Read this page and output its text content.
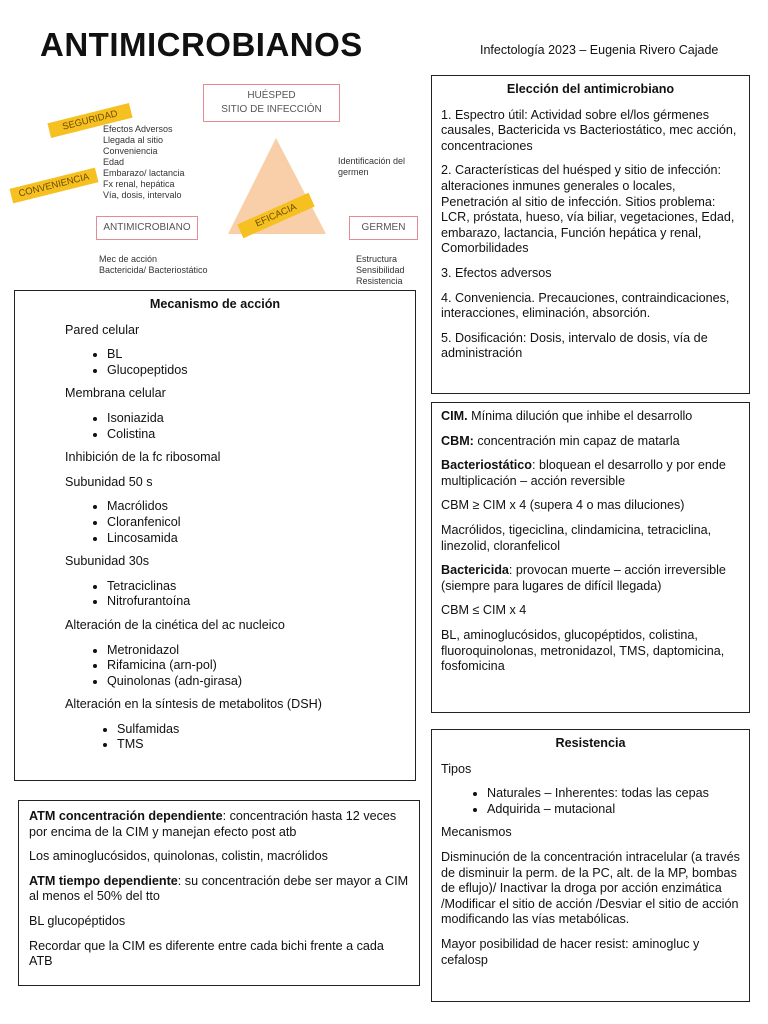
ANTIMICROBIANOS	Infectología 2023 – Eugenia Rivero Cajade
HUÉSPED
SITIO DE INFECCIÓN
ANTIMICROBIANO	GERMEN
SEGURIDAD
CONVENIENCIA
EFICACIA
Efectos Adversos
Llegada al sitio
Conveniencia
Edad
Embarazo/ lactancia
Fx renal, hepática
Vía, dosis, intervalo
Identificación del
germen
Mec de acción
Bactericida/ Bacteriostático
Estructura
Sensibilidad
Resistencia
Mecanismo de acción

Pared celular

• BL
• Glucopeptidos

Membrana celular

• Isoniazida
• Colistina

Inhibición de la fc ribosomal

Subunidad 50 s

• Macrólidos
• Cloranfenicol
• Lincosamida

Subunidad 30s

• Tetraciclinas
• Nitrofurantoína

Alteración de la cinética del ac nucleico

• Metronidazol
• Rifamicina (arn-pol)
• Quinolonas (adn-girasa)

Alteración en la síntesis de metabolitos (DSH)

• Sulfamidas
• TMS
Elección del antimicrobiano

1. Espectro útil: Actividad sobre el/los gérmenes causales, Bactericida vs Bacteriostático, mec acción, concentraciones

2. Características del huésped y sitio de infección: alteraciones inmunes generales o locales, Penetración al sitio de infección. Sitios problema: LCR, próstata, hueso, vía biliar, vegetaciones, Edad, embarazo, lactancia, Función hepática y renal, Comorbilidades

3. Efectos adversos

4. Conveniencia. Precauciones, contraindicaciones, interacciones, eliminación, absorción.

5. Dosificación: Dosis, intervalo de dosis, vía de administración

CIM. Mínima dilución que inhibe el desarrollo

CBM: concentración min capaz de matarla

Bacteriostático: bloquean el desarrollo y por ende multiplicación – acción reversible

CBM ≥ CIM x 4 (supera 4 o mas diluciones)

Macrólidos, tigeciclina, clindamicina, tetraciclina, linezolid, cloranfelicol

Bactericida: provocan muerte – acción irreversible (siempre para lugares de difícil llegada)

CBM ≤ CIM x 4

BL, aminoglucósidos, glucopéptidos, colistina, fluoroquinolonas, metronidazol, TMS, daptomicina, fosfomicina

ATM concentración dependiente: concentración hasta 12 veces por encima de la CIM y manejan efecto post atb

Los aminoglucósidos, quinolonas, colistin, macrólidos

ATM tiempo dependiente: su concentración debe ser mayor a CIM al menos el 50% del tto

BL glucopéptidos

Recordar que la CIM es diferente entre cada bichi frente a cada ATB

Resistencia

Tipos

• Naturales – Inherentes: todas las cepas
• Adquirida – mutacional

Mecanismos

Disminución de la concentración intracelular (a través de disminuir la perm. de la PC, alt. de la MP, bombas de eflujo)/ Inactivar la droga por acción enzimática /Modificar el sitio de acción /Desviar el sitio de acción modificando las vías metabólicas.

Mayor posibilidad de hacer resist: aminogluc y cefalosp
